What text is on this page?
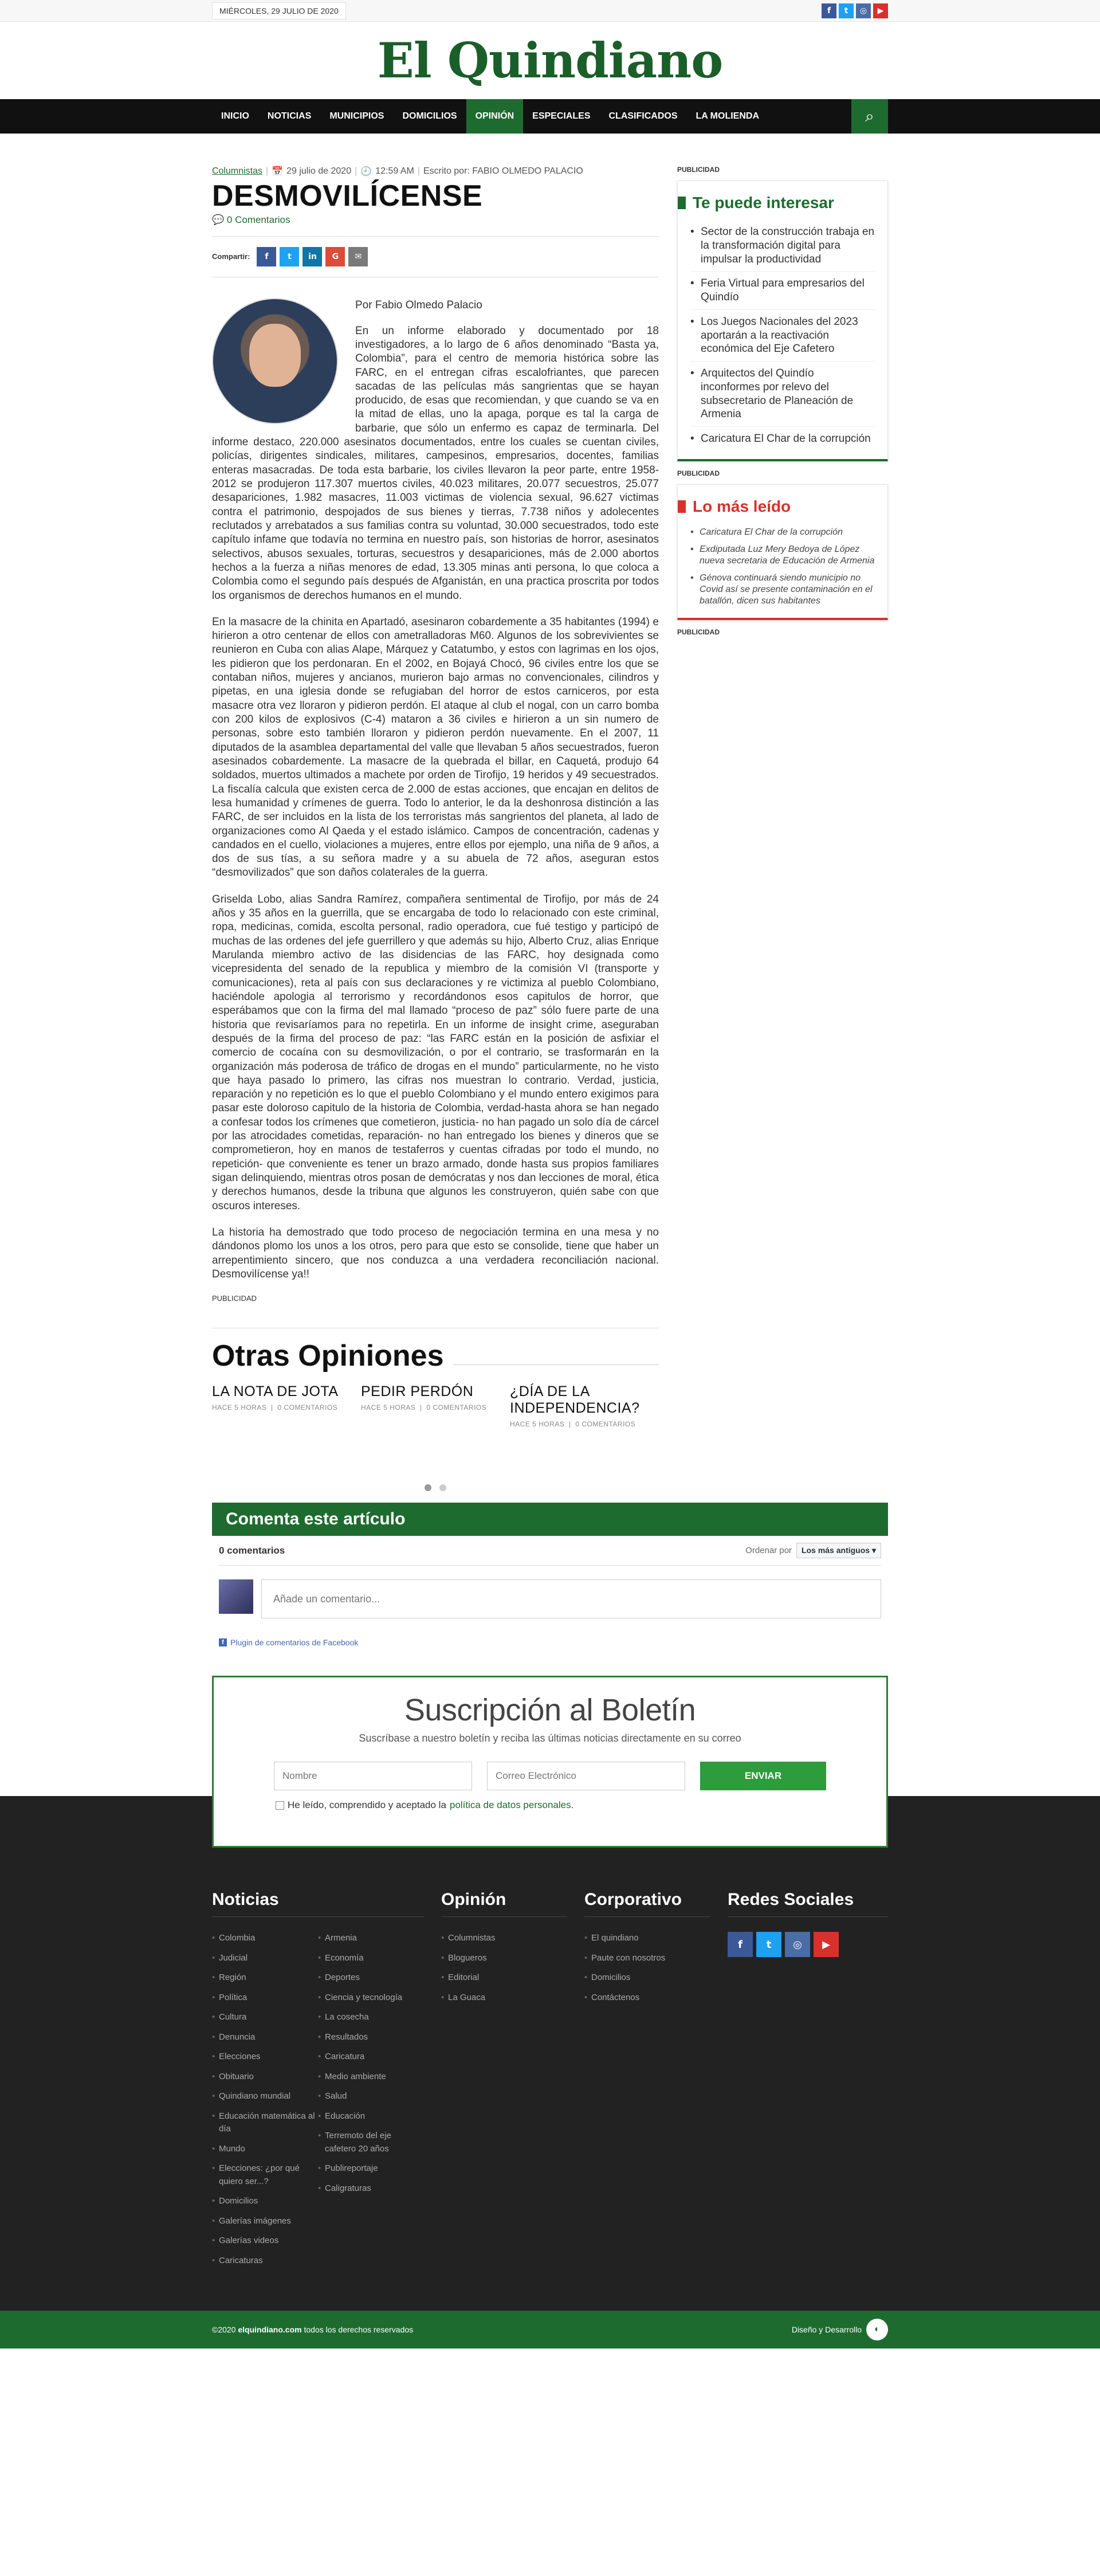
MIÉRCOLES, 29 JULIO DE 2020	f	t	◎	▶
El Quindiano
INICIO	NOTICIAS	MUNICIPIOS	DOMICILIOS	OPINIÓN	ESPECIALES	CLASIFICADOS	LA MOLIENDA	⌕
Columnistas | 📅 29 julio de 2020 | 🕘 12:59 AM | Escrito por: FABIO OLMEDO PALACIO
DESMOVILÍCENSE
💬 0 Comentarios
Compartir:	f	t	in	G	✉

Por Fabio Olmedo Palacio

En un informe elaborado y documentado por 18 investigadores, a lo largo de 6 años denominado “Basta ya, Colombia”, para el centro de memoria histórica sobre las FARC, en el entregan cifras escalofriantes, que parecen sacadas de las películas más sangrientas que se hayan producido, de esas que recomiendan, y que cuando se va en la mitad de ellas, uno la apaga, porque es tal la carga de barbarie, que sólo un enfermo es capaz de terminarla. Del informe destaco, 220.000 asesinatos documentados, entre los cuales se cuentan civiles, policías, dirigentes sindicales, militares, campesinos, empresarios, docentes, familias enteras masacradas. De toda esta barbarie, los civiles llevaron la peor parte, entre 1958-2012 se produjeron 117.307 muertos civiles, 40.023 militares, 20.077 secuestros, 25.077 desapariciones, 1.982 masacres, 11.003 victimas de violencia sexual, 96.627 victimas contra el patrimonio, despojados de sus bienes y tierras, 7.738 niños y adolecentes reclutados y arrebatados a sus familias contra su voluntad, 30.000 secuestrados, todo este capítulo infame que todavía no termina en nuestro país, son historias de horror, asesinatos selectivos, abusos sexuales, torturas, secuestros y desapariciones, más de 2.000 abortos hechos a la fuerza a niñas menores de edad, 13.305 minas anti persona, lo que coloca a Colombia como el segundo país después de Afganistán, en una practica proscrita por todos los organismos de derechos humanos en el mundo.

En la masacre de la chinita en Apartadó, asesinaron cobardemente a 35 habitantes (1994) e hirieron a otro centenar de ellos con ametralladoras M60. Algunos de los sobrevivientes se reunieron en Cuba con alias Alape, Márquez y Catatumbo, y estos con lagrimas en los ojos, les pidieron que los perdonaran. En el 2002, en Bojayá Chocó, 96 civiles entre los que se contaban niños, mujeres y ancianos, murieron bajo armas no convencionales, cilindros y pipetas, en una iglesia donde se refugiaban del horror de estos carniceros, por esta masacre otra vez lloraron y pidieron perdón. El ataque al club el nogal, con un carro bomba con 200 kilos de explosivos (C-4) mataron a 36 civiles e hirieron a un sin numero de personas, sobre esto también lloraron y pidieron perdón nuevamente. En el 2007, 11 diputados de la asamblea departamental del valle que llevaban 5 años secuestrados, fueron asesinados cobardemente. La masacre de la quebrada el billar, en Caquetá, produjo 64 soldados, muertos ultimados a machete por orden de Tirofijo, 19 heridos y 49 secuestrados. La fiscalía calcula que existen cerca de 2.000 de estas acciones, que encajan en delitos de lesa humanidad y crímenes de guerra. Todo lo anterior, le da la deshonrosa distinción a las FARC, de ser incluidos en la lista de los terroristas más sangrientos del planeta, al lado de organizaciones como Al Qaeda y el estado islámico. Campos de concentración, cadenas y candados en el cuello, violaciones a mujeres, entre ellos por ejemplo, una niña de 9 años, a dos de sus tías, a su señora madre y a su abuela de 72 años, aseguran estos “desmovilizados” que son daños colaterales de la guerra.

Griselda Lobo, alias Sandra Ramírez, compañera sentimental de Tirofijo, por más de 24 años y 35 años en la guerrilla, que se encargaba de todo lo relacionado con este criminal, ropa, medicinas, comida, escolta personal, radio operadora, cue fué testigo y participó de muchas de las ordenes del jefe guerrillero y que además su hijo, Alberto Cruz, alias Enrique Marulanda miembro activo de las disidencias de las FARC, hoy designada como vicepresidenta del senado de la republica y miembro de la comisión VI (transporte y comunicaciones), reta al país con sus declaraciones y re victimiza al pueblo Colombiano, haciéndole apologia al terrorismo y recordándonos esos capitulos de horror, que esperábamos que con la firma del mal llamado “proceso de paz” sólo fuere parte de una historia que revisaríamos para no repetirla. En un informe de insight crime, aseguraban después de la firma del proceso de paz: “las FARC están en la posición de asfixiar el comercio de cocaína con su desmovilización, o por el contrario, se trasformarán en la organización más poderosa de tráfico de drogas en el mundo” particularmente, no he visto que haya pasado lo primero, las cifras nos muestran lo contrario. Verdad, justicia, reparación y no repetición es lo que el pueblo Colombiano y el mundo entero exigimos para pasar este doloroso capitulo de la historia de Colombia, verdad-hasta ahora se han negado a confesar todos los crímenes que cometieron, justicia- no han pagado un solo día de cárcel por las atrocidades cometidas, reparación- no han entregado los bienes y dineros que se comprometieron, hoy en manos de testaferros y cuentas cifradas por todo el mundo, no repetición- que conveniente es tener un brazo armado, donde hasta sus propios familiares sigan delinquiendo, mientras otros posan de demócratas y nos dan lecciones de moral, ética y derechos humanos, desde la tribuna que algunos les construyeron, quién sabe con que oscuros intereses.

La historia ha demostrado que todo proceso de negociación termina en una mesa y no dándonos plomo los unos a los otros, pero para que esto se consolide, tiene que haber un arrepentimiento sincero, que nos conduzca a una verdadera reconciliación nacional. Desmovilícense ya!!

PUBLICIDAD

Otras Opiniones
LA NOTA DE JOTA
HACE 5 HORAS  |  0 COMENTARIOS
PEDIR PERDÓN
HACE 5 HORAS  |  0 COMENTARIOS
¿DÍA DE LA INDEPENDENCIA?
HACE 5 HORAS  |  0 COMENTARIOS
PUBLICIDAD
Te puede interesar
• Sector de la construcción trabaja en la transformación digital para impulsar la productividad
• Feria Virtual para empresarios del Quindío
• Los Juegos Nacionales del 2023 aportarán a la reactivación económica del Eje Cafetero
• Arquitectos del Quindío inconformes por relevo del subsecretario de Planeación de Armenia
• Caricatura El Char de la corrupción
PUBLICIDAD
Lo más leído
• Caricatura El Char de la corrupción
• Exdiputada Luz Mery Bedoya de López nueva secretaria de Educación de Armenia
• Génova continuará siendo municipio no Covid así se presente contaminación en el batallón, dicen sus habitantes
PUBLICIDAD
Comenta este artículo
0 comentarios	Ordenar por	Los más antiguos ▾
Añade un comentario...
f Plugin de comentarios de Facebook
Suscripción al Boletín

Suscríbase a nuestro boletín y reciba las últimas noticias directamente en su correo

Nombre
Correo Electrónico
ENVIAR
He leído, comprendido y aceptado la política de datos personales.
Noticias
• Colombia
• Judicial
• Región
• Política
• Cultura
• Denuncia
• Elecciones
• Obituario
• Quindiano mundial
• Educación matemática al día
• Mundo
• Elecciones: ¿por qué quiero ser...?
• Domicilios
• Galerías imágenes
• Galerías videos
• Caricaturas
• Armenia
• Economía
• Deportes
• Ciencia y tecnología
• La cosecha
• Resultados
• Caricatura
• Medio ambiente
• Salud
• Educación
• Terremoto del eje cafetero 20 años
• Publireportaje
• Caligraturas
Opinión
• Columnistas
• Blogueros
• Editorial
• La Guaca
Corporativo
• El quindiano
• Paute con nosotros
• Domicilios
• Contáctenos
Redes Sociales
f	t	◎	▶
©2020 elquindiano.com todos los derechos reservados	Diseño y Desarrollo	◐
